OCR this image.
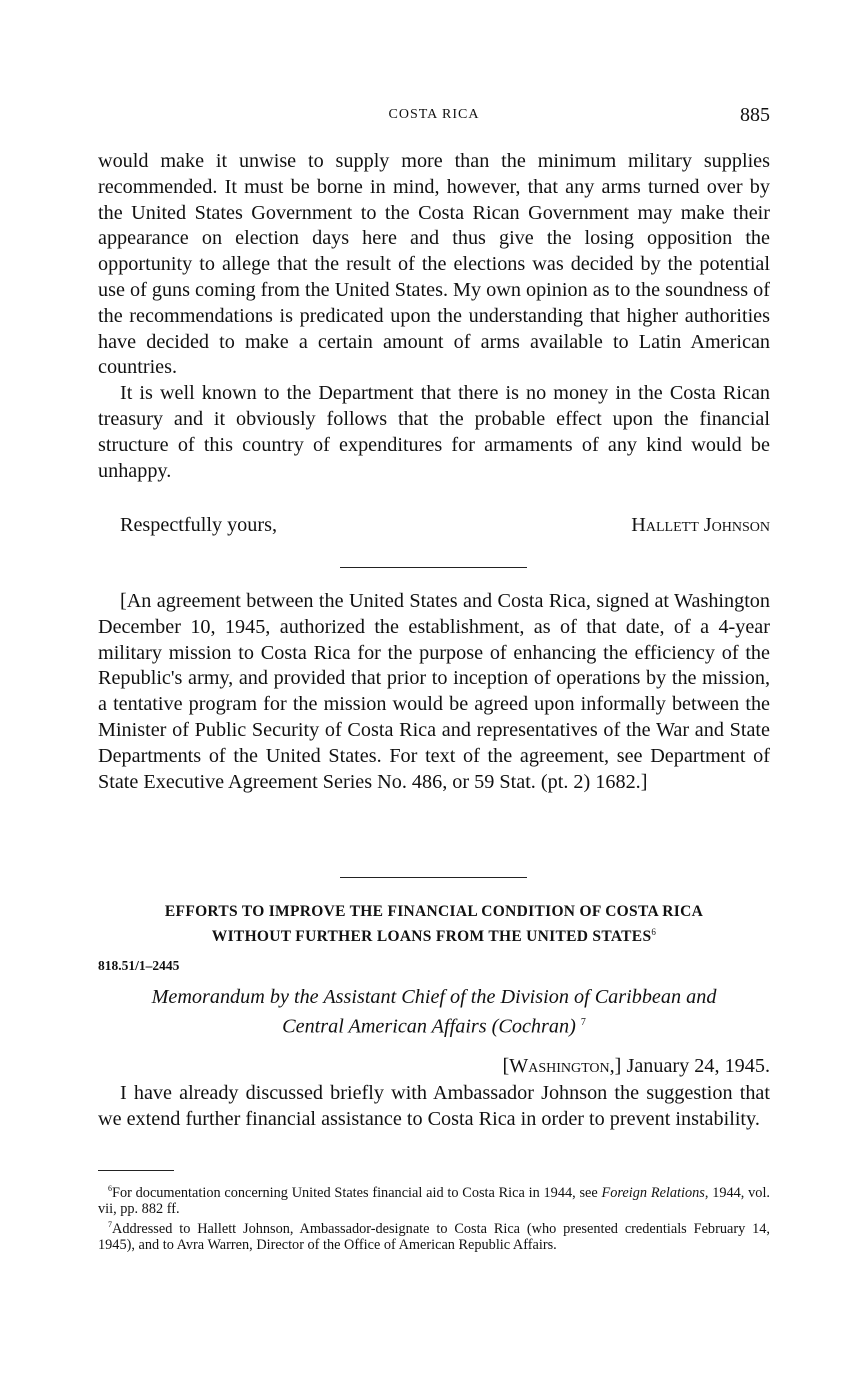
COSTA RICA	885

would make it unwise to supply more than the minimum military supplies recommended. It must be borne in mind, however, that any arms turned over by the United States Government to the Costa Rican Government may make their appearance on election days here and thus give the losing opposition the opportunity to allege that the result of the elections was decided by the potential use of guns coming from the United States. My own opinion as to the soundness of the recommendations is predicated upon the understanding that higher authorities have decided to make a certain amount of arms available to Latin American countries.

It is well known to the Department that there is no money in the Costa Rican treasury and it obviously follows that the probable effect upon the financial structure of this country of expenditures for armaments of any kind would be unhappy.

Respectfully yours,	Hallett Johnson

[An agreement between the United States and Costa Rica, signed at Washington December 10, 1945, authorized the establishment, as of that date, of a 4-year military mission to Costa Rica for the purpose of enhancing the efficiency of the Republic's army, and provided that prior to inception of operations by the mission, a tentative program for the mission would be agreed upon informally between the Minister of Public Security of Costa Rica and representatives of the War and State Departments of the United States. For text of the agreement, see Department of State Executive Agreement Series No. 486, or 59 Stat. (pt. 2) 1682.]

EFFORTS TO IMPROVE THE FINANCIAL CONDITION OF COSTA RICA
WITHOUT FURTHER LOANS FROM THE UNITED STATES$^6$
818.51/1–2445
Memorandum by the Assistant Chief of the Division of Caribbean and
Central American Affairs (Cochran) $^7$
[Washington,] January 24, 1945.

I have already discussed briefly with Ambassador Johnson the suggestion that we extend further financial assistance to Costa Rica in order to prevent instability.

$^6$For documentation concerning United States financial aid to Costa Rica in 1944, see Foreign Relations, 1944, vol. vii, pp. 882 ff.

$^7$Addressed to Hallett Johnson, Ambassador-designate to Costa Rica (who presented credentials February 14, 1945), and to Avra Warren, Director of the Office of American Republic Affairs.
